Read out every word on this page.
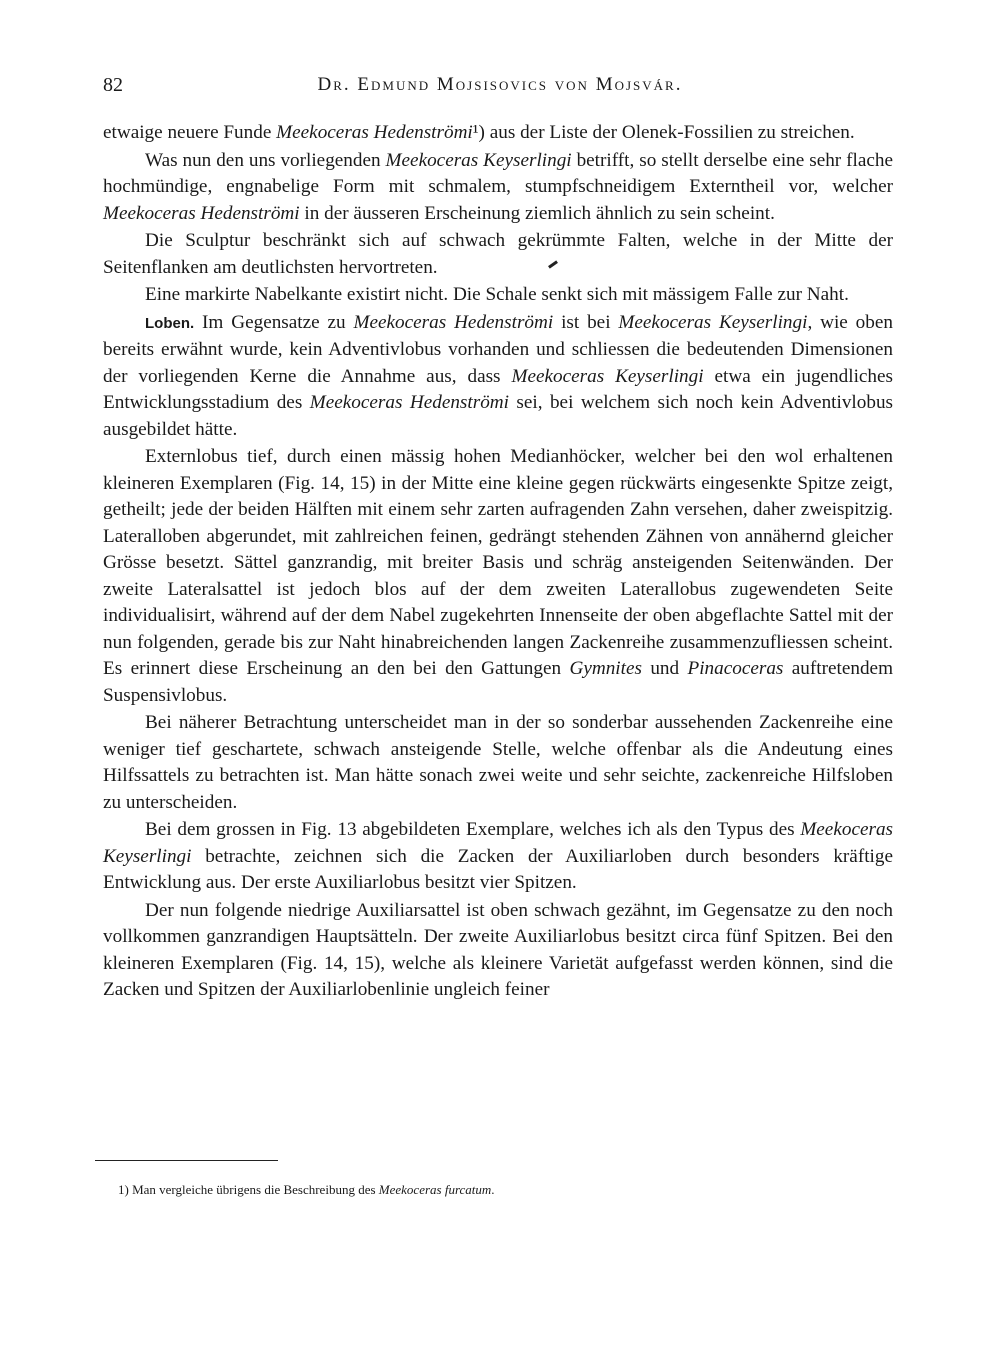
82	Dr. Edmund Mojsisovics von Mojsvár.

etwaige neuere Funde Meekoceras Hedenströmi¹) aus der Liste der Olenek-Fossilien zu streichen.

Was nun den uns vorliegenden Meekoceras Keyserlingi betrifft, so stellt derselbe eine sehr flache hochmündige, engnabelige Form mit schmalem, stumpfschneidigem Externtheil vor, welcher Meekoceras Hedenströmi in der äusseren Erscheinung ziemlich ähnlich zu sein scheint.

Die Sculptur beschränkt sich auf schwach gekrümmte Falten, welche in der Mitte der Seitenflanken am deutlichsten hervortreten.

Eine markirte Nabelkante existirt nicht. Die Schale senkt sich mit mässigem Falle zur Naht.

Loben. Im Gegensatze zu Meekoceras Hedenströmi ist bei Meekoceras Keyserlingi, wie oben bereits erwähnt wurde, kein Adventivlobus vorhanden und schliessen die bedeutenden Dimensionen der vorliegenden Kerne die Annahme aus, dass Meekoceras Keyserlingi etwa ein jugendliches Entwicklungsstadium des Meekoceras Hedenströmi sei, bei welchem sich noch kein Adventivlobus ausgebildet hätte.

Externlobus tief, durch einen mässig hohen Medianhöcker, welcher bei den wol erhaltenen kleineren Exemplaren (Fig. 14, 15) in der Mitte eine kleine gegen rückwärts eingesenkte Spitze zeigt, getheilt; jede der beiden Hälften mit einem sehr zarten aufragenden Zahn versehen, daher zweispitzig. Lateralloben abgerundet, mit zahlreichen feinen, gedrängt stehenden Zähnen von annähernd gleicher Grösse besetzt. Sättel ganzrandig, mit breiter Basis und schräg ansteigenden Seitenwänden. Der zweite Lateralsattel ist jedoch blos auf der dem zweiten Laterallobus zugewendeten Seite individualisirt, während auf der dem Nabel zugekehrten Innenseite der oben abgeflachte Sattel mit der nun folgenden, gerade bis zur Naht hinabreichenden langen Zackenreihe zusammenzufliessen scheint. Es erinnert diese Erscheinung an den bei den Gattungen Gymnites und Pinacoceras auftretendem Suspensivlobus.

Bei näherer Betrachtung unterscheidet man in der so sonderbar aussehenden Zackenreihe eine weniger tief geschartete, schwach ansteigende Stelle, welche offenbar als die Andeutung eines Hilfssattels zu betrachten ist. Man hätte sonach zwei weite und sehr seichte, zackenreiche Hilfsloben zu unterscheiden.

Bei dem grossen in Fig. 13 abgebildeten Exemplare, welches ich als den Typus des Meekoceras Keyserlingi betrachte, zeichnen sich die Zacken der Auxiliarloben durch besonders kräftige Entwicklung aus. Der erste Auxiliarlobus besitzt vier Spitzen.

Der nun folgende niedrige Auxiliarsattel ist oben schwach gezähnt, im Gegensatze zu den noch vollkommen ganzrandigen Hauptsätteln. Der zweite Auxiliarlobus besitzt circa fünf Spitzen. Bei den kleineren Exemplaren (Fig. 14, 15), welche als kleinere Varietät aufgefasst werden können, sind die Zacken und Spitzen der Auxiliarlobenlinie ungleich feiner

1) Man vergleiche übrigens die Beschreibung des Meekoceras furcatum.
